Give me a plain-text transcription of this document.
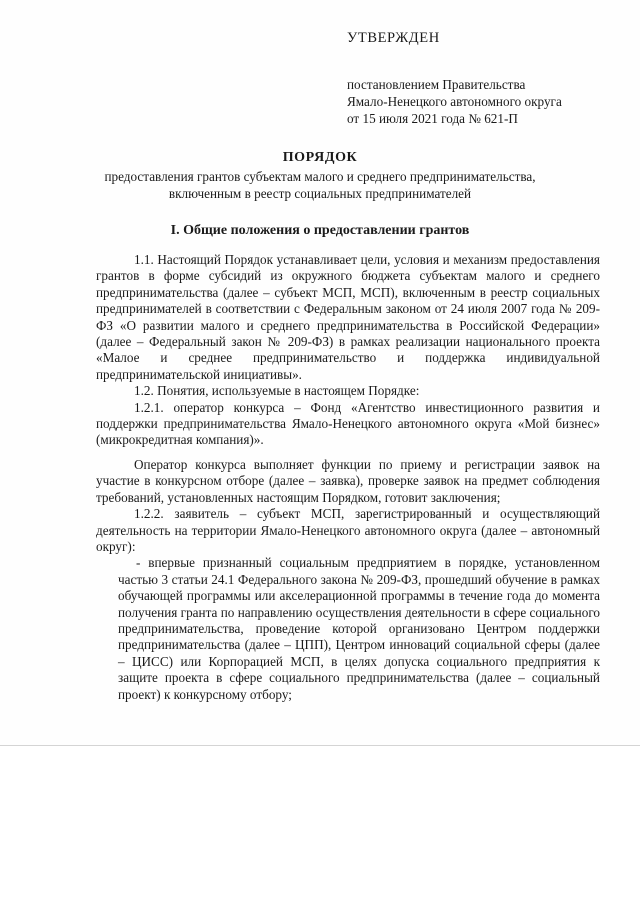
УТВЕРЖДЕН
постановлением Правительства
Ямало-Ненецкого автономного округа
от 15 июля 2021 года № 621-П
ПОРЯДОК
предоставления грантов субъектам малого и среднего предпринимательства,
включенным в реестр социальных предпринимателей
I. Общие положения о предоставлении грантов

1.1. Настоящий Порядок устанавливает цели, условия и механизм предоставления грантов в форме субсидий из окружного бюджета субъектам малого и среднего предпринимательства (далее – субъект МСП, МСП), включенным в реестр социальных предпринимателей в соответствии с Федеральным законом от 24 июля 2007 года № 209-ФЗ «О развитии малого и среднего предпринимательства в Российской Федерации» (далее – Федеральный закон № 209-ФЗ) в рамках реализации национального проекта «Малое и среднее предпринимательство и поддержка индивидуальной предпринимательской инициативы».

1.2. Понятия, используемые в настоящем Порядке:

1.2.1. оператор конкурса – Фонд «Агентство инвестиционного развития и поддержки предпринимательства Ямало-Ненецкого автономного округа «Мой бизнес» (микрокредитная компания)».

Оператор конкурса выполняет функции по приему и регистрации заявок на участие в конкурсном отборе (далее – заявка), проверке заявок на предмет соблюдения требований, установленных настоящим Порядком, готовит заключения;

1.2.2. заявитель – субъект МСП, зарегистрированный и осуществляющий деятельность на территории Ямало-Ненецкого автономного округа (далее – автономный округ):

- впервые признанный социальным предприятием в порядке, установленном частью 3 статьи 24.1 Федерального закона № 209-ФЗ, прошедший обучение в рамках обучающей программы или акселерационной программы в течение года до момента получения гранта по направлению осуществления деятельности в сфере социального предпринимательства, проведение которой организовано Центром поддержки предпринимательства (далее – ЦПП), Центром инноваций социальной сферы (далее – ЦИСС) или Корпорацией МСП, в целях допуска социального предприятия к защите проекта в сфере социального предпринимательства (далее – социальный проект) к конкурсному отбору;
